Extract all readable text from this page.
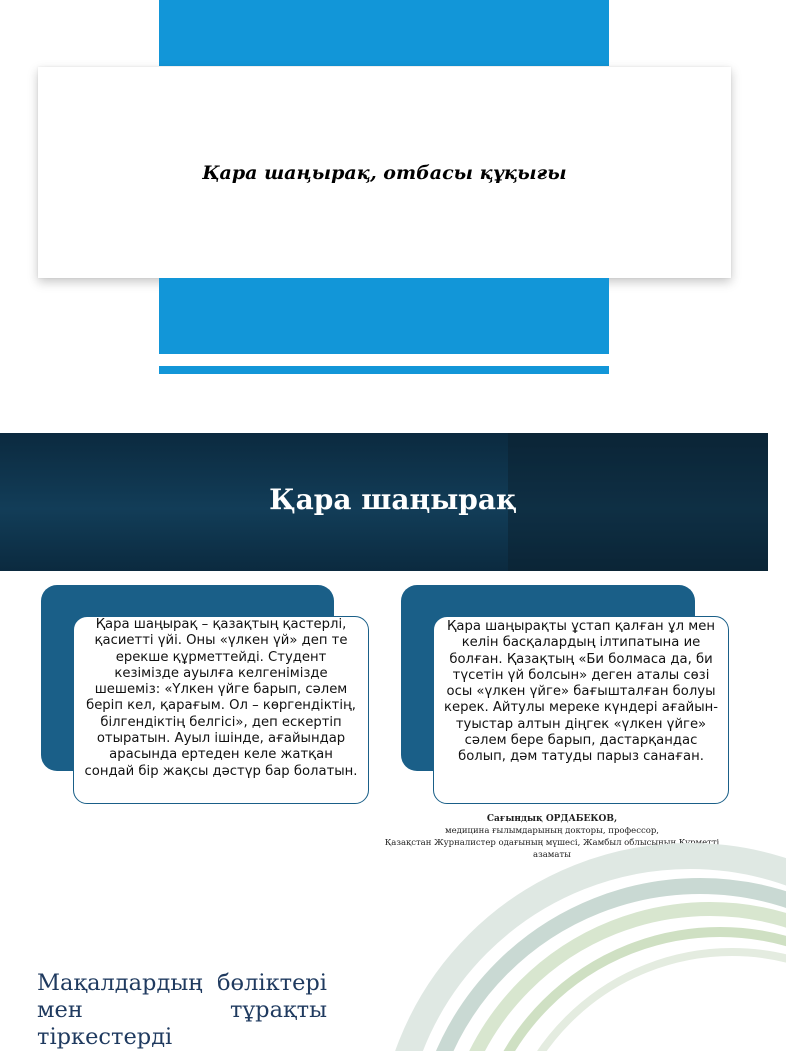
Қара шаңырақ, отбасы құқығы
Қара шаңырақ
Қара шаңырақ – қазақтың қастерлі, қасиетті үйі. Оны «үлкен үй» деп те ерекше құрметтейді. Студент кезімізде ауылға келгенімізде шешеміз: «Үлкен үйге барып, сәлем беріп кел, қарағым. Ол – көргендіктің, білгендіктің белгісі», деп ескертіп отыратын. Ауыл ішінде, ағайындар арасында ертеден келе жатқан сондай бір жақсы дәстүр бар болатын.
Қара шаңырақты ұстап қалған ұл мен келін басқалардың ілтипатына ие болған. Қазақтың «Би болмаса да, би түсетін үй болсын» деген аталы сөзі осы «үлкен үйге» бағышталған болуы керек. Айтулы мереке күндері ағайын-туыстар алтын діңгек «үлкен үйге» сәлем бере барып, дастарқандас болып, дәм татуды парыз санаған.
Сағындық ОРДАБЕКОВ,
медицина ғылымдарының докторы, профессор,
Қазақстан Журналистер одағының мүшесі, Жамбыл облысының Құрметті азаматы
Мақалдардың бөліктері мен тұрақты тіркестерді
